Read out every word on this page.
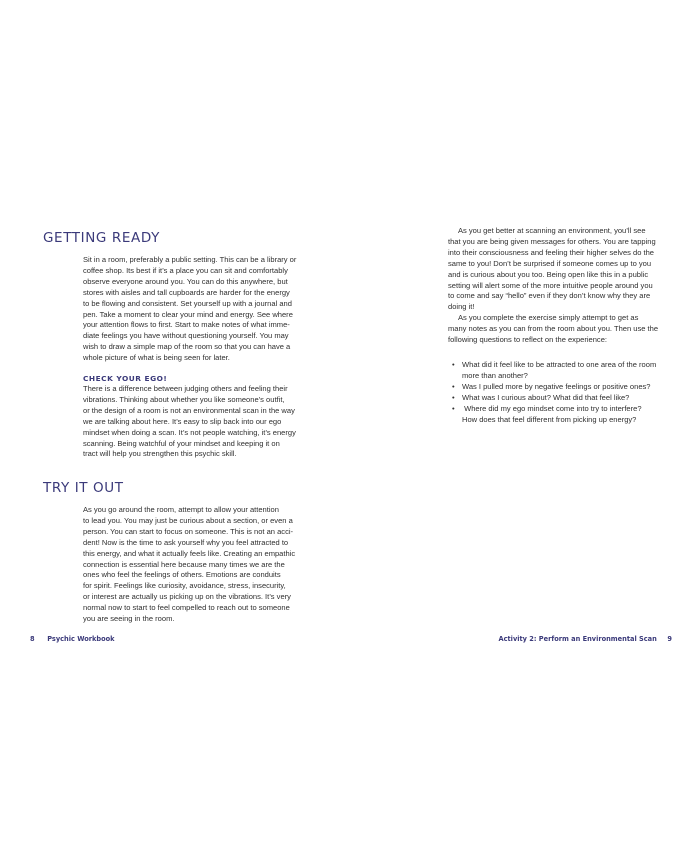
GETTING READY
Sit in a room, preferably a public setting. This can be a library or
coffee shop. Its best if it’s a place you can sit and comfortably
observe everyone around you. You can do this anywhere, but
stores with aisles and tall cupboards are harder for the energy
to be flowing and consistent. Set yourself up with a journal and
pen. Take a moment to clear your mind and energy. See where
your attention flows to first. Start to make notes of what imme-
diate feelings you have without questioning yourself. You may
wish to draw a simple map of the room so that you can have a
whole picture of what is being seen for later.
CHECK YOUR EGO!
There is a difference between judging others and feeling their
vibrations. Thinking about whether you like someone’s outfit,
or the design of a room is not an environmental scan in the way
we are talking about here. It’s easy to slip back into our ego
mindset when doing a scan. It’s not people watching, it’s energy
scanning. Being watchful of your mindset and keeping it on
tract will help you strengthen this psychic skill.
TRY IT OUT
As you go around the room, attempt to allow your attention
to lead you. You may just be curious about a section, or even a
person. You can start to focus on someone. This is not an acci-
dent! Now is the time to ask yourself why you feel attracted to
this energy, and what it actually feels like. Creating an empathic
connection is essential here because many times we are the
ones who feel the feelings of others. Emotions are conduits
for spirit. Feelings like curiosity, avoidance, stress, insecurity,
or interest are actually us picking up on the vibrations. It’s very
normal now to start to feel compelled to reach out to someone
you are seeing in the room.
8 Psychic Workbook
As you get better at scanning an environment, you’ll see
that you are being given messages for others. You are tapping
into their consciousness and feeling their higher selves do the
same to you! Don’t be surprised if someone comes up to you
and is curious about you too. Being open like this in a public
setting will alert some of the more intuitive people around you
to come and say “hello” even if they don’t know why they are
doing it!
As you complete the exercise simply attempt to get as
many notes as you can from the room about you. Then use the
following questions to reflect on the experience:
• What did it feel like to be attracted to one area of the room
more than another?
• Was I pulled more by negative feelings or positive ones?
• What was I curious about? What did that feel like?
• Where did my ego mindset come into try to interfere?
How does that feel different from picking up energy?
Activity 2: Perform an Environmental Scan 9
